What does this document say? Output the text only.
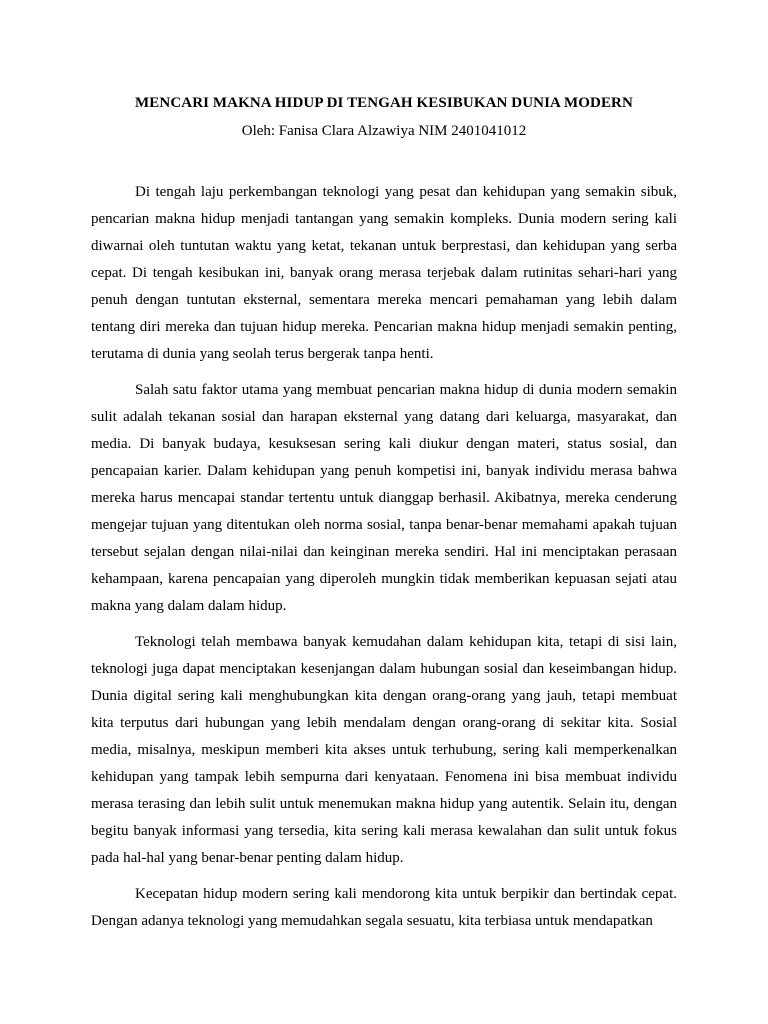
MENCARI MAKNA HIDUP DI TENGAH KESIBUKAN DUNIA MODERN

Oleh: Fanisa Clara Alzawiya NIM 2401041012

Di tengah laju perkembangan teknologi yang pesat dan kehidupan yang semakin sibuk, pencarian makna hidup menjadi tantangan yang semakin kompleks. Dunia modern sering kali diwarnai oleh tuntutan waktu yang ketat, tekanan untuk berprestasi, dan kehidupan yang serba cepat. Di tengah kesibukan ini, banyak orang merasa terjebak dalam rutinitas sehari-hari yang penuh dengan tuntutan eksternal, sementara mereka mencari pemahaman yang lebih dalam tentang diri mereka dan tujuan hidup mereka. Pencarian makna hidup menjadi semakin penting, terutama di dunia yang seolah terus bergerak tanpa henti.

Salah satu faktor utama yang membuat pencarian makna hidup di dunia modern semakin sulit adalah tekanan sosial dan harapan eksternal yang datang dari keluarga, masyarakat, dan media. Di banyak budaya, kesuksesan sering kali diukur dengan materi, status sosial, dan pencapaian karier. Dalam kehidupan yang penuh kompetisi ini, banyak individu merasa bahwa mereka harus mencapai standar tertentu untuk dianggap berhasil. Akibatnya, mereka cenderung mengejar tujuan yang ditentukan oleh norma sosial, tanpa benar-benar memahami apakah tujuan tersebut sejalan dengan nilai-nilai dan keinginan mereka sendiri. Hal ini menciptakan perasaan kehampaan, karena pencapaian yang diperoleh mungkin tidak memberikan kepuasan sejati atau makna yang dalam dalam hidup.

Teknologi telah membawa banyak kemudahan dalam kehidupan kita, tetapi di sisi lain, teknologi juga dapat menciptakan kesenjangan dalam hubungan sosial dan keseimbangan hidup. Dunia digital sering kali menghubungkan kita dengan orang-orang yang jauh, tetapi membuat kita terputus dari hubungan yang lebih mendalam dengan orang-orang di sekitar kita. Sosial media, misalnya, meskipun memberi kita akses untuk terhubung, sering kali memperkenalkan kehidupan yang tampak lebih sempurna dari kenyataan. Fenomena ini bisa membuat individu merasa terasing dan lebih sulit untuk menemukan makna hidup yang autentik. Selain itu, dengan begitu banyak informasi yang tersedia, kita sering kali merasa kewalahan dan sulit untuk fokus pada hal-hal yang benar-benar penting dalam hidup.

Kecepatan hidup modern sering kali mendorong kita untuk berpikir dan bertindak cepat. Dengan adanya teknologi yang memudahkan segala sesuatu, kita terbiasa untuk mendapatkan
